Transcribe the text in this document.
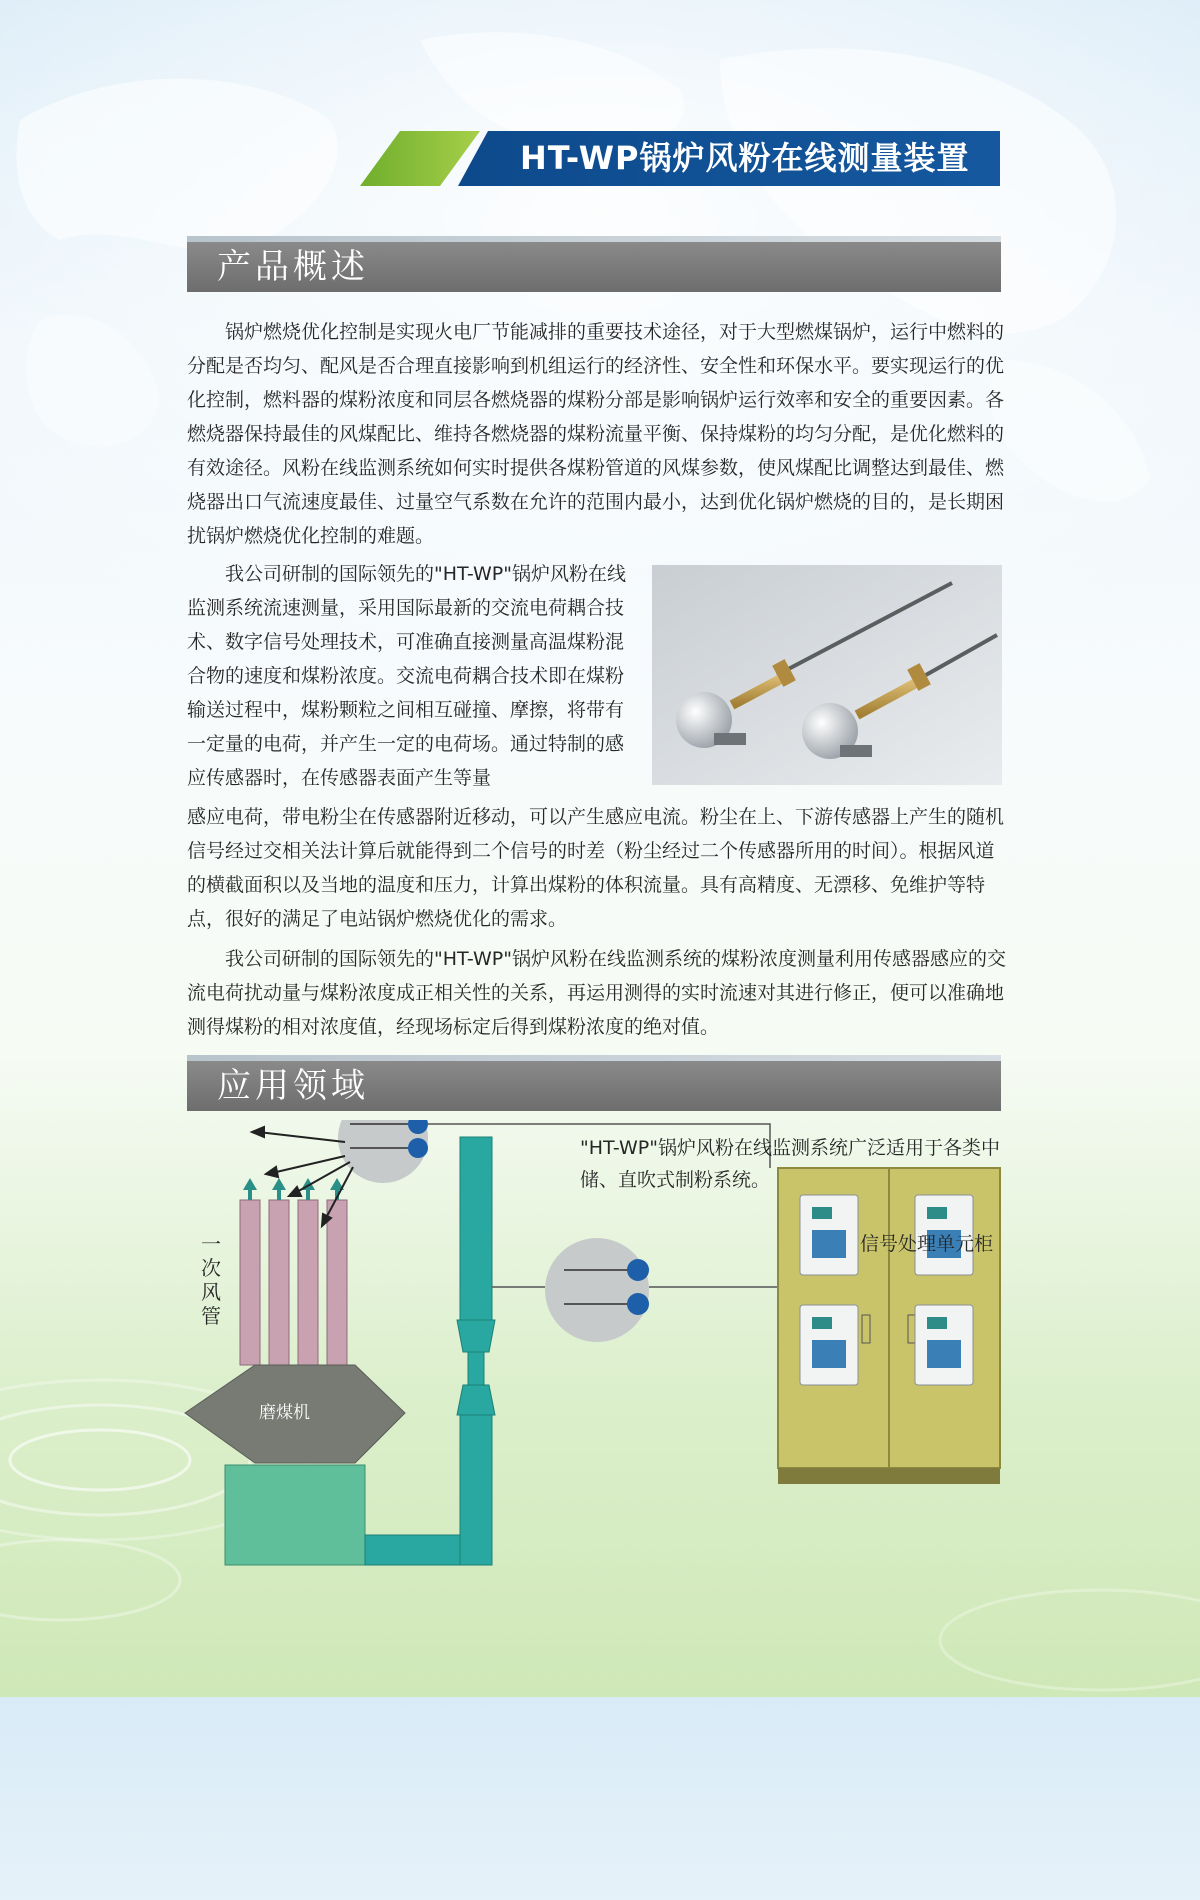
HT-WP锅炉风粉在线测量装置
产品概述

锅炉燃烧优化控制是实现火电厂节能减排的重要技术途径，对于大型燃煤锅炉，运行中燃料的分配是否均匀、配风是否合理直接影响到机组运行的经济性、安全性和环保水平。要实现运行的优化控制，燃料器的煤粉浓度和同层各燃烧器的煤粉分部是影响锅炉运行效率和安全的重要因素。各燃烧器保持最佳的风煤配比、维持各燃烧器的煤粉流量平衡、保持煤粉的均匀分配，是优化燃料的有效途径。风粉在线监测系统如何实时提供各煤粉管道的风煤参数，使风煤配比调整达到最佳、燃烧器出口气流速度最佳、过量空气系数在允许的范围内最小，达到优化锅炉燃烧的目的，是长期困扰锅炉燃烧优化控制的难题。

我公司研制的国际领先的"HT-WP"锅炉风粉在线监测系统流速测量，采用国际最新的交流电荷耦合技术、数字信号处理技术，可准确直接测量高温煤粉混合物的速度和煤粉浓度。交流电荷耦合技术即在煤粉输送过程中，煤粉颗粒之间相互碰撞、摩擦，将带有一定量的电荷，并产生一定的电荷场。通过特制的感应传感器时，在传感器表面产生等量

感应电荷，带电粉尘在传感器附近移动，可以产生感应电流。粉尘在上、下游传感器上产生的随机信号经过交相关法计算后就能得到二个信号的时差（粉尘经过二个传感器所用的时间）。根据风道的横截面积以及当地的温度和压力，计算出煤粉的体积流量。具有高精度、无漂移、免维护等特点，很好的满足了电站锅炉燃烧优化的需求。

我公司研制的国际领先的"HT-WP"锅炉风粉在线监测系统的煤粉浓度测量利用传感器感应的交流电荷扰动量与煤粉浓度成正相关性的关系，再运用测得的实时流速对其进行修正，便可以准确地测得煤粉的相对浓度值，经现场标定后得到煤粉浓度的绝对值。

应用领域
"HT-WP"锅炉风粉在线监测系统广泛适用于各类中储、直吹式制粉系统。
信号处理单元柜
一次风管
磨煤机
